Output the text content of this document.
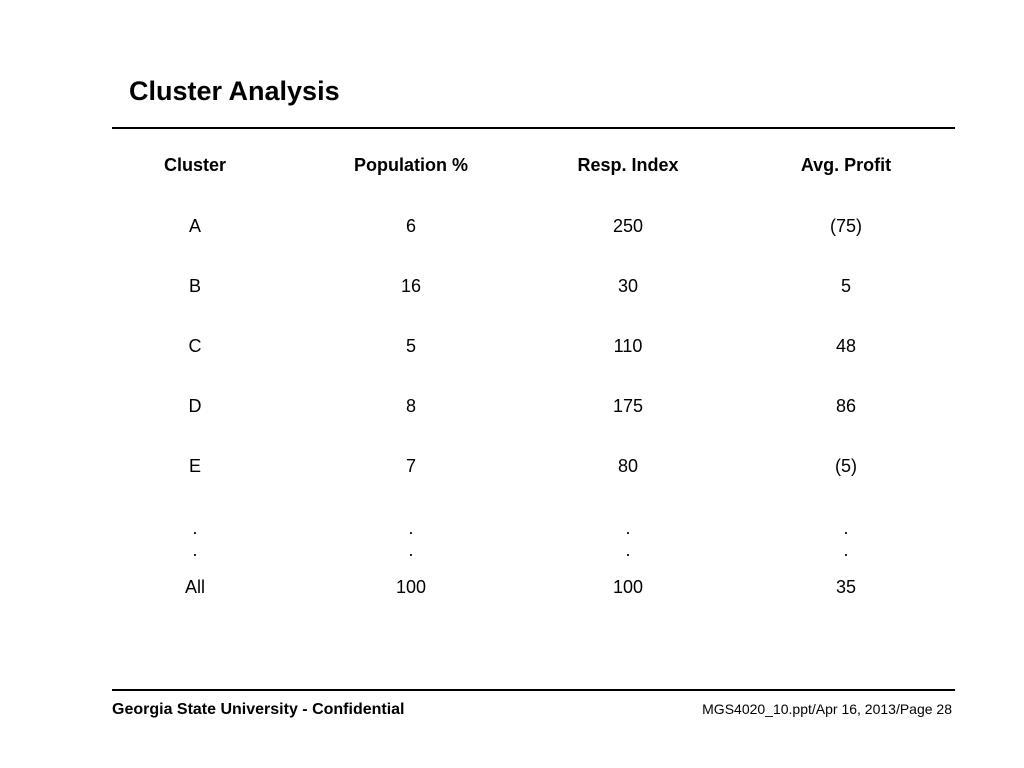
Cluster Analysis
Cluster	Population %	Resp. Index	Avg. Profit
A	6	250	(75)
B	16	30	5
C	5	110	48
D	8	175	86
E	7	80	(5)
.	.	.	.
.	.	.	.
All	100	100	35
Georgia State University - Confidential	MGS4020_10.ppt/Apr 16, 2013/Page 28
